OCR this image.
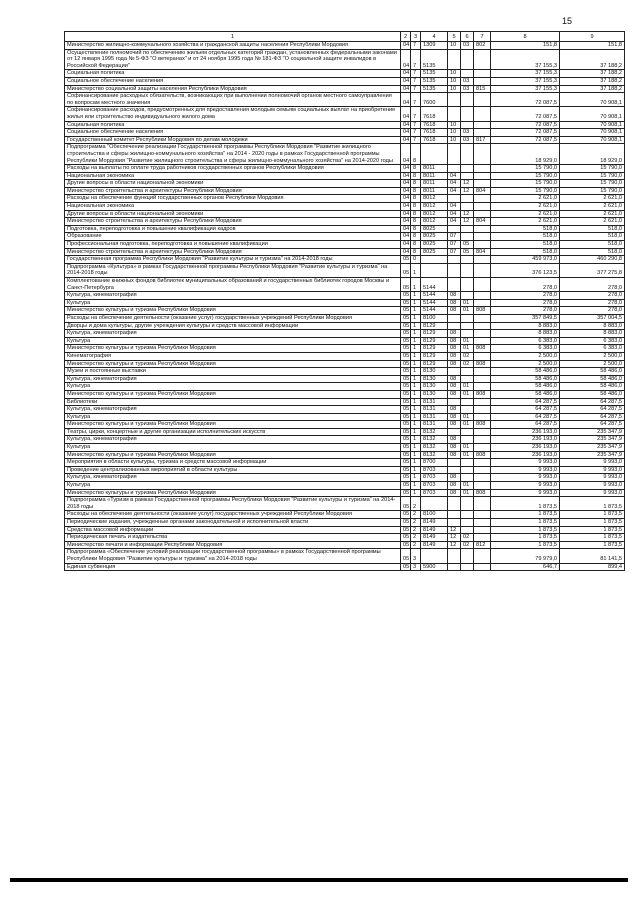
15
1	2	3	4	5	6	7	8	9
Министерство жилищно-коммунального хозяйства и гражданской защиты населения Республики Мордовия	04	7	1309	10	03	802	151,8	151,8
Осуществление полномочий по обеспечению жильем отдельных категорий граждан, установленных федеральными законами от 12 января 1995 года № 5-ФЗ "О ветеранах" и от 24 ноября 1995 года № 181-ФЗ "О социальной защите инвалидов в Российской Федерации"	04	7	5135				37 155,3	37 188,2
Социальная политика	04	7	5135	10			37 155,3	37 188,2
Социальное обеспечение населения	04	7	5135	10	03		37 155,3	37 188,2
Министерство социальной защиты населения Республики Мордовия	04	7	5135	10	03	815	37 155,3	37 188,2
Софинансирование расходных обязательств, возникающих при выполнении полномочий органов местного самоуправления по вопросам местного значения	04	7	7600				72 087,5	70 908,1
Софинансирование расходов, предусмотренных для предоставления молодым семьям социальных выплат на приобретение жилья или строительство индивидуального жилого дома	04	7	7618				72 087,5	70 908,1
Социальная политика	04	7	7618	10			72 087,5	70 908,1
Социальное обеспечение населения	04	7	7618	10	03		72 087,5	70 908,1
Государственный комитет Республики Мордовия по делам молодежи	04	7	7618	10	03	817	72 087,5	70 908,1
Подпрограмма "Обеспечение реализации Государственной программы Республики Мордовия "Развитие жилищного строительства и сферы жилищно-коммунального хозяйства" на 2014 - 2020 годы в рамках Государственной программы Республики Мордовия "Развитие жилищного строительства и сферы жилищно-коммунального хозяйства" на 2014-2020 годы	04	8					18 929,0	18 929,0
Расходы на выплаты по оплате труда работников государственных органов Республики Мордовия	04	8	8011				15 790,0	15 790,0
Национальная экономика	04	8	8011	04			15 790,0	15 790,0
Другие вопросы в области национальной экономики	04	8	8011	04	12		15 790,0	15 790,0
Министерство строительства и архитектуры Республики Мордовия	04	8	8011	04	12	804	15 790,0	15 790,0
Расходы на обеспечение функций государственных органов Республики Мордовия	04	8	8012				2 621,0	2 621,0
Национальная экономика	04	8	8012	04			2 621,0	2 621,0
Другие вопросы в области национальной экономики	04	8	8012	04	12		2 621,0	2 621,0
Министерство строительства и архитектуры Республики Мордовия	04	8	8012	04	12	804	2 621,0	2 621,0
Подготовка, переподготовка и повышение квалификации кадров	04	8	8025				518,0	518,0
Образование	04	8	8025	07			518,0	518,0
Профессиональная подготовка, переподготовка и повышение квалификации	04	8	8025	07	05		518,0	518,0
Министерство строительства и архитектуры Республики Мордовия	04	8	8025	07	05	804	518,0	518,0
Государственная программа Республики Мордовия "Развитие культуры и туризма" на 2014-2018 годы	05	0					459 973,0	460 290,8
Подпрограмма «Культура» в рамках Государственной программы Республики Мордовия "Развитие культуры и туризма" на 2014-2018 годы	05	1					376 123,5	377 275,8
Комплектование книжных фондов библиотек муниципальных образований и государственных библиотек городов Москвы и Санкт-Петербурга	05	1	5144				278,0	278,0
Культура, кинематография	05	1	5144	08			278,0	278,0
Культура	05	1	5144	08	01		278,0	278,0
Министерство культуры и туризма Республики Мордовия	05	1	5144	08	01	808	278,0	278,0
Расходы на обеспечение деятельности (оказание услуг) государственных учреждений Республики Мордовия	05	1	8100				357 849,5	357 004,5
Дворцы и дома культуры, другие учреждения культуры и средств массовой информации	05	1	8129				8 883,0	8 883,0
Культура, кинематография	05	1	8129	08			8 883,0	8 883,0
Культура	05	1	8129	08	01		6 383,0	6 383,0
Министерство культуры и туризма Республики Мордовия	05	1	8129	08	01	808	6 383,0	6 383,0
Кинематография	05	1	8129	08	02		2 500,0	2 500,0
Министерство культуры и туризма Республики Мордовия	05	1	8129	08	02	808	2 500,0	2 500,0
Музеи и постоянные выставки	05	1	8130				58 486,0	58 486,0
Культура, кинематография	05	1	8130	08			58 486,0	58 486,0
Культура	05	1	8130	08	01		58 486,0	58 486,0
Министерство культуры и туризма Республики Мордовия	05	1	8130	08	01	808	58 486,0	58 486,0
Библиотеки	05	1	8131				64 287,5	64 287,5
Культура, кинематография	05	1	8131	08			64 287,5	64 287,5
Культура	05	1	8131	08	01		64 287,5	64 287,5
Министерство культуры и туризма Республики Мордовия	05	1	8131	08	01	808	64 287,5	64 287,5
Театры, цирки, концертные и другие организации исполнительских искусств	05	1	8132				236 193,0	235 347,9
Культура, кинематография	05	1	8132	08			236 193,0	235 347,9
Культура	05	1	8132	08	01		236 193,0	235 347,9
Министерство культуры и туризма Республики Мордовия	05	1	8132	08	01	808	236 193,0	235 347,9
Мероприятия в области культуры, туризма и средств массовой информации	05	1	8700				9 993,0	9 993,0
Проведение централизованных мероприятий в области культуры	05	1	8703				9 993,0	9 993,0
Культура, кинематография	05	1	8703	08			9 993,0	9 993,0
Культура	05	1	8703	08	01		9 993,0	9 993,0
Министерство культуры и туризма Республики Мордовия	05	1	8703	08	01	808	9 993,0	9 993,0
Подпрограмма «Туризм в рамках Государственной программы Республики Мордовия "Развитие культуры и туризма" на 2014-2018 годы	05	2					1 873,5	1 873,5
Расходы на обеспечение деятельности (оказание услуг) государственных учреждений Республики Мордовия	05	2	8100				1 873,5	1 873,5
Периодические издания, учрежденные органами законодательной и исполнительной власти	05	2	8149				1 873,5	1 873,5
Средства массовой информации	05	2	8149	12			1 873,5	1 873,5
Периодическая печать и издательства	05	2	8149	12	02		1 873,5	1 873,5
Министерство печати и информации Республики Мордовия	05	2	8149	12	02	812	1 873,5	1 873,5
Подпрограмма «Обеспечение условий реализации государственной программы» в рамках Государственной программы Республики Мордовия "Развитие культуры и туризма" на 2014-2018 годы	05	3					79 979,0	81 141,5
Единая субвенция	05	3	5900				646,7	899,4
